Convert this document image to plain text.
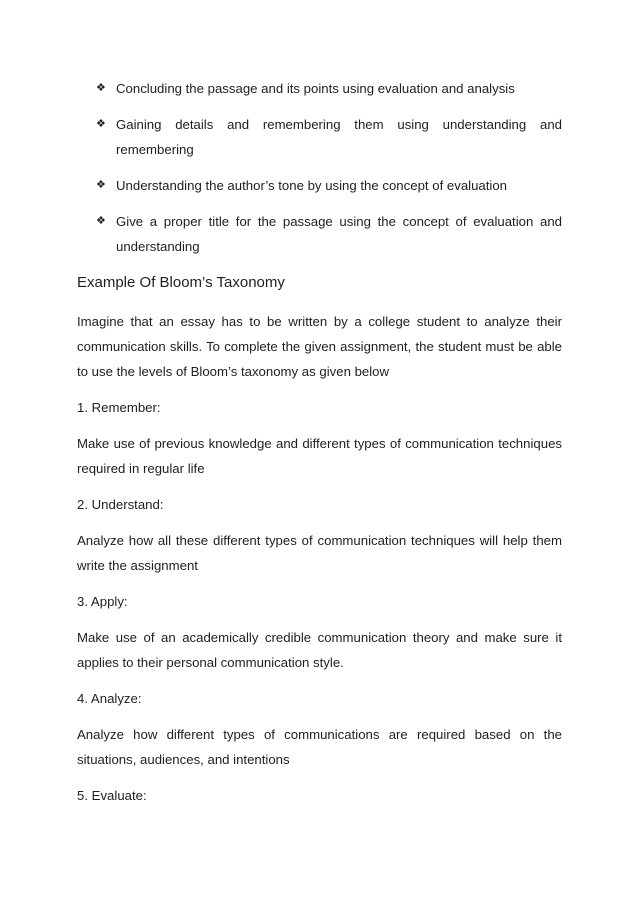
❖ Concluding the passage and its points using evaluation and analysis
❖ Gaining details and remembering them using understanding and remembering
❖ Understanding the author’s tone by using the concept of evaluation
❖ Give a proper title for the passage using the concept of evaluation and understanding
Example Of Bloom’s Taxonomy

Imagine that an essay has to be written by a college student to analyze their communication skills. To complete the given assignment, the student must be able to use the levels of Bloom’s taxonomy as given below

1. Remember:

Make use of previous knowledge and different types of communication techniques required in regular life

2. Understand:

Analyze how all these different types of communication techniques will help them write the assignment

3. Apply:

Make use of an academically credible communication theory and make sure it applies to their personal communication style.

4. Analyze:

Analyze how different types of communications are required based on the situations, audiences, and intentions

5. Evaluate:
